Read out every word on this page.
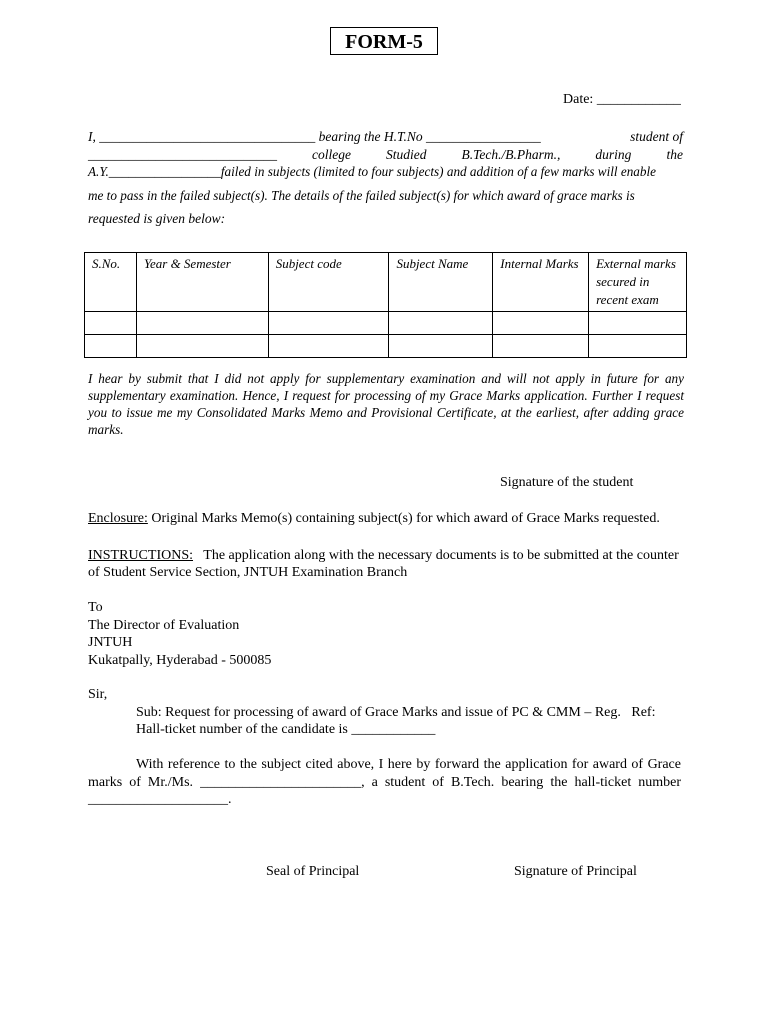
FORM-5
Date: ____________
I, ________________________________ bearing the H.T.No _________________	student of
____________________________	college	Studied	B.Tech./B.Pharm.,	during	the
A.Y._________________failed in subjects (limited to four subjects) and addition of a few marks will enable
me to pass in the failed subject(s). The details of the failed subject(s) for which award of grace marks is
requested is given below:
S.No.	Year & Semester	Subject code	Subject Name	Internal Marks	External marks secured in recent exam

I hear by submit that I did not apply for supplementary examination and will not apply in future for any supplementary examination. Hence, I request for processing of my Grace Marks application. Further I request you to issue me my Consolidated Marks Memo and Provisional Certificate, at the earliest, after adding grace marks.
Signature of the student
Enclosure: Original Marks Memo(s) containing subject(s) for which award of Grace Marks requested.
INSTRUCTIONS:   The application along with the necessary documents is to be submitted at the counter of Student Service Section, JNTUH Examination Branch
To
The Director of Evaluation
JNTUH
Kukatpally, Hyderabad - 500085
Sir,
Sub: Request for processing of award of Grace Marks and issue of PC & CMM – Reg.   Ref:
Hall-ticket number of the candidate is ____________
With reference to the subject cited above, I here by forward the application for award of Grace marks of Mr./Ms. _______________________, a student of B.Tech. bearing the hall-ticket number ____________________.
Seal of Principal	Signature of Principal
